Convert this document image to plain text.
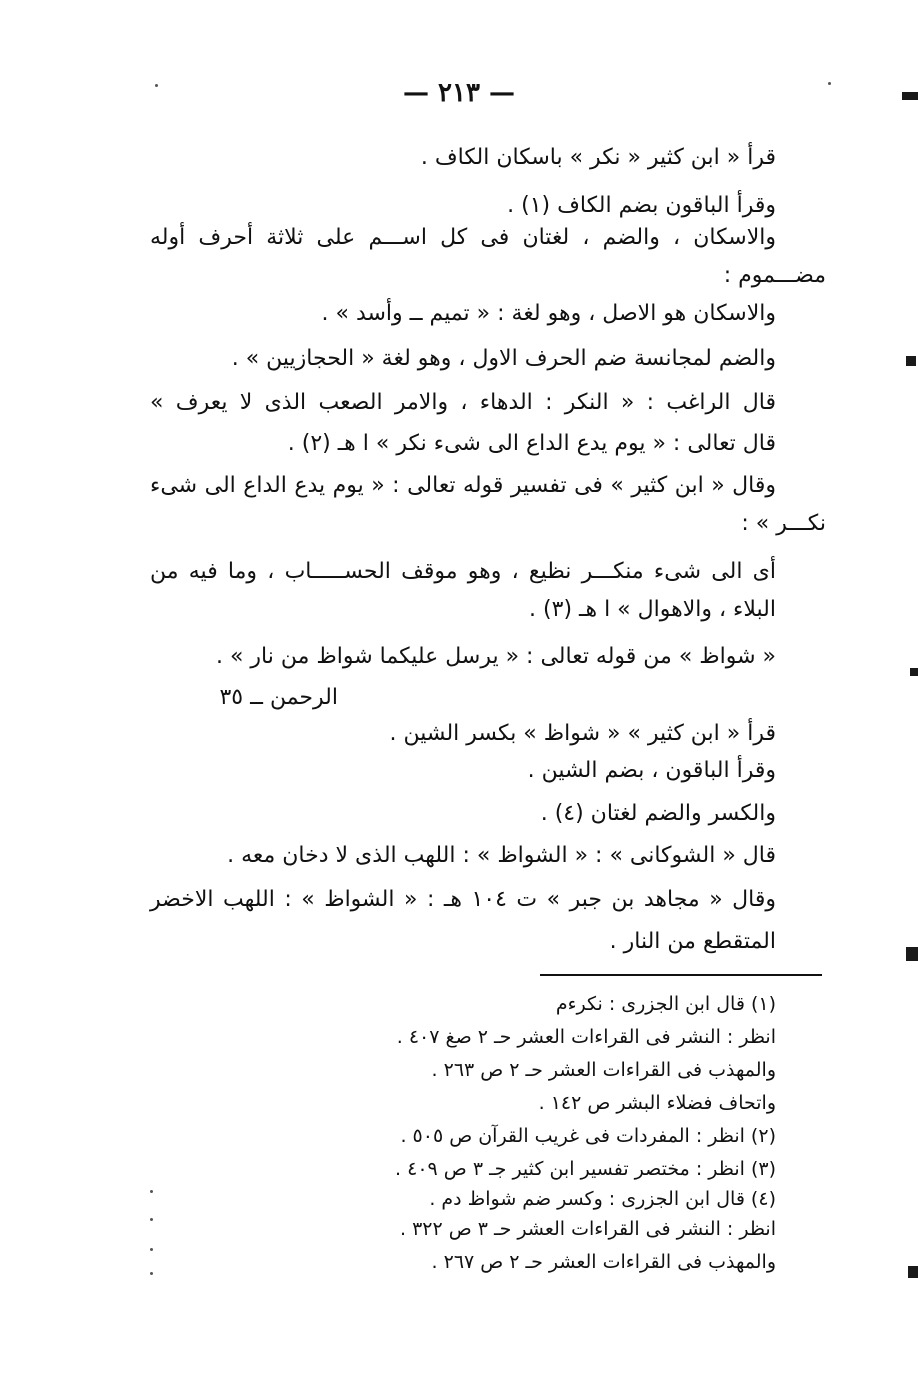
— ٢١٣ —
قرأ « ابن كثير « نكر » باسكان الكاف .
وقرأ الباقون بضم الكاف (١) .
والاسكان ، والضم ، لغتان فى كل اســـم على ثلاثة أحرف أوله
مضـــموم :
والاسكان هو الاصل ، وهو لغة : « تميم ــ وأسد » .
والضم لمجانسة ضم الحرف الاول ، وهو لغة « الحجازيين » .
قال الراغب : « النكر : الدهاء ، والامر الصعب الذى لا يعرف »
قال تعالى : « يوم يدع الداع الى شىء نكر » ا هـ (٢) .
وقال « ابن كثير » فى تفسير قوله تعالى : « يوم يدع الداع الى شىء
نكـــر » :
أى الى شىء منكـــر نظيع ، وهو موقف الحســـــاب ، وما فيه من
البلاء ، والاهوال » ا هـ (٣) .
« شواظ » من قوله تعالى : « يرسل عليكما شواظ من نار » .
الرحمن ــ ٣٥
قرأ « ابن كثير » « شواظ » بكسر الشين .
وقرأ الباقون ، بضم الشين .
والكسر والضم لغتان (٤) .
قال « الشوكانى » : « الشواظ » : اللهب الذى لا دخان معه .
وقال « مجاهد بن جبر » ت ١٠٤ هـ : « الشواظ » : اللهب الاخضر
المتقطع من النار .
(١) قال ابن الجزرى : نكرءم
انظر : النشر فى القراءات العشر حـ ٢ صغ ٤٠٧ .
والمهذب فى القراءات العشر حـ ٢ ص ٢٦٣ .
واتحاف فضلاء البشر ص ١٤٢ .
(٢) انظر : المفردات فى غريب القرآن ص ٥٠٥ .
(٣) انظر : مختصر تفسير ابن كثير جـ ٣ ص ٤٠٩ .
(٤) قال ابن الجزرى : وكسر ضم شواظ دم .
انظر : النشر فى القراءات العشر حـ ٣ ص ٣٢٢ .
والمهذب فى القراءات العشر حـ ٢ ص ٢٦٧ .
